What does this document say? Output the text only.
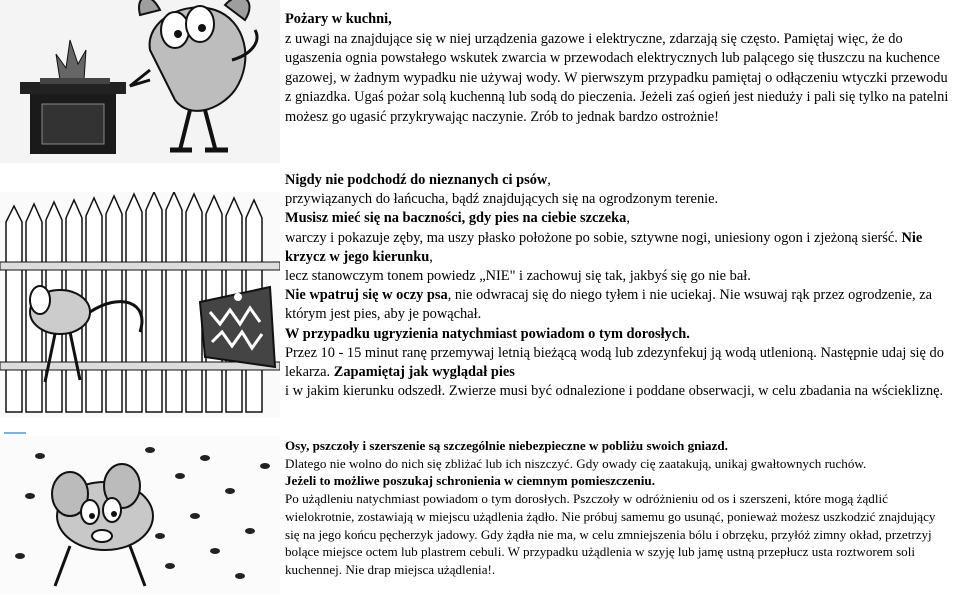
Pożary w kuchni,

z uwagi na znajdujące się w niej urządzenia gazowe i elektryczne, zdarzają się często. Pamiętaj więc, że do ugaszenia ognia powstałego wskutek zwarcia w przewodach elektrycznych lub palącego się tłuszczu na kuchence gazowej, w żadnym wypadku nie używaj wody. W pierwszym przypadku pamiętaj o odłączeniu wtyczki przewodu z gniazdka. Ugaś pożar solą kuchenną lub sodą do pieczenia. Jeżeli zaś ogień jest nieduży i pali się tylko na patelni możesz go ugasić przykrywając naczynie. Zrób to jednak bardzo ostrożnie!

Nigdy nie podchodź do nieznanych ci psów,

przywiązanych do łańcucha, bądź znajdujących się na ogrodzonym terenie.

Musisz mieć się na baczności, gdy pies na ciebie szczeka,

warczy i pokazuje zęby, ma uszy płasko położone po sobie, sztywne nogi, uniesiony ogon i zjeżoną sierść. Nie krzycz w jego kierunku,

lecz stanowczym tonem powiedz „NIE" i zachowuj się tak, jakbyś się go nie bał.

Nie wpatruj się w oczy psa, nie odwracaj się do niego tyłem i nie uciekaj. Nie wsuwaj rąk przez ogrodzenie, za którym jest pies, aby je powąchał.

W przypadku ugryzienia natychmiast powiadom o tym dorosłych.

Przez 10 - 15 minut ranę przemywaj letnią bieżącą wodą lub zdezynfekuj ją wodą utlenioną. Następnie udaj się do lekarza. Zapamiętaj jak wyglądał pies

i w jakim kierunku odszedł. Zwierze musi być odnalezione i poddane obserwacji, w celu zbadania na wściekliznę.

Osy, pszczoły i szerszenie są szczególnie niebezpieczne w pobliżu swoich gniazd.

Dlatego nie wolno do nich się zbliżać lub ich niszczyć. Gdy owady cię zaatakują, unikaj gwałtownych ruchów.

Jeżeli to możliwe poszukaj schronienia w ciemnym pomieszczeniu.

Po użądleniu natychmiast powiadom o tym dorosłych. Pszczoły w odróżnieniu od os i szerszeni, które mogą żądlić wielokrotnie, zostawiają w miejscu użądlenia żądło. Nie próbuj samemu go usunąć, ponieważ możesz uszkodzić znajdujący się na jego końcu pęcherzyk jadowy. Gdy żądła nie ma, w celu zmniejszenia bólu i obrzęku, przyłóż zimny okład, przetrzyj bolące miejsce octem lub plastrem cebuli. W przypadku użądlenia w szyję lub jamę ustną przepłucz usta roztworem soli kuchennej. Nie drap miejsca użądlenia!.
